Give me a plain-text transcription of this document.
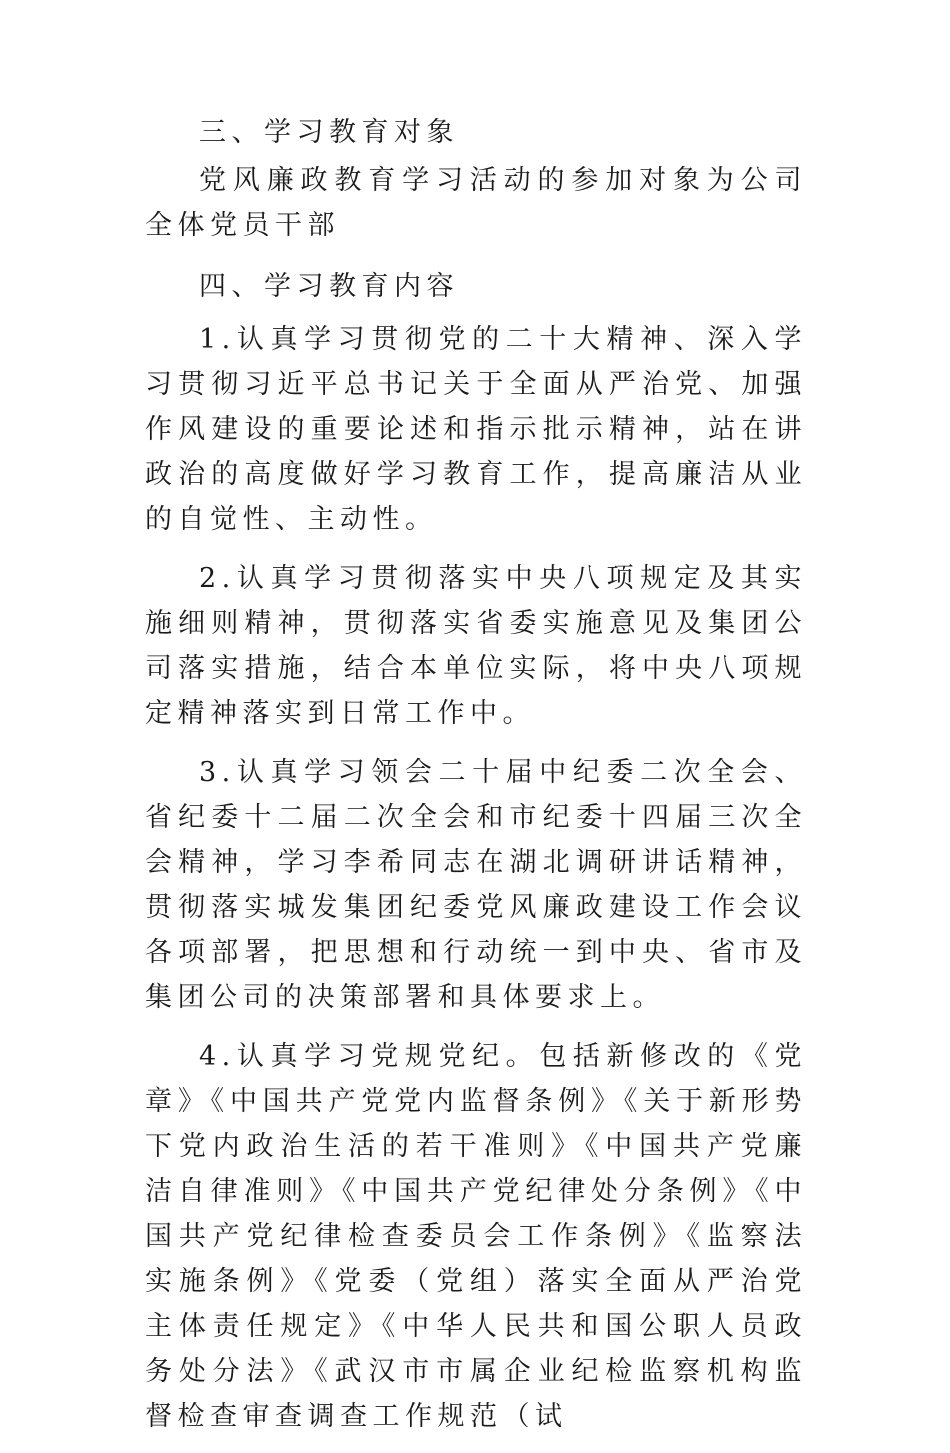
三、学习教育对象

党风廉政教育学习活动的参加对象为公司全体党员干部

四、学习教育内容

1.认真学习贯彻党的二十大精神、深入学习贯彻习近平总书记关于全面从严治党、加强作风建设的重要论述和指示批示精神，站在讲政治的高度做好学习教育工作，提高廉洁从业的自觉性、主动性。

2.认真学习贯彻落实中央八项规定及其实施细则精神，贯彻落实省委实施意见及集团公司落实措施，结合本单位实际，将中央八项规定精神落实到日常工作中。

3.认真学习领会二十届中纪委二次全会、省纪委十二届二次全会和市纪委十四届三次全会精神，学习李希同志在湖北调研讲话精神，贯彻落实城发集团纪委党风廉政建设工作会议各项部署，把思想和行动统一到中央、省市及集团公司的决策部署和具体要求上。

4.认真学习党规党纪。包括新修改的《党章》《中国共产党党内监督条例》《关于新形势下党内政治生活的若干准则》《中国共产党廉洁自律准则》《中国共产党纪律处分条例》《中国共产党纪律检查委员会工作条例》《监察法实施条例》《党委（党组）落实全面从严治党主体责任规定》《中华人民共和国公职人员政务处分法》《武汉市市属企业纪检监察机构监督检查审查调查工作规范（试
